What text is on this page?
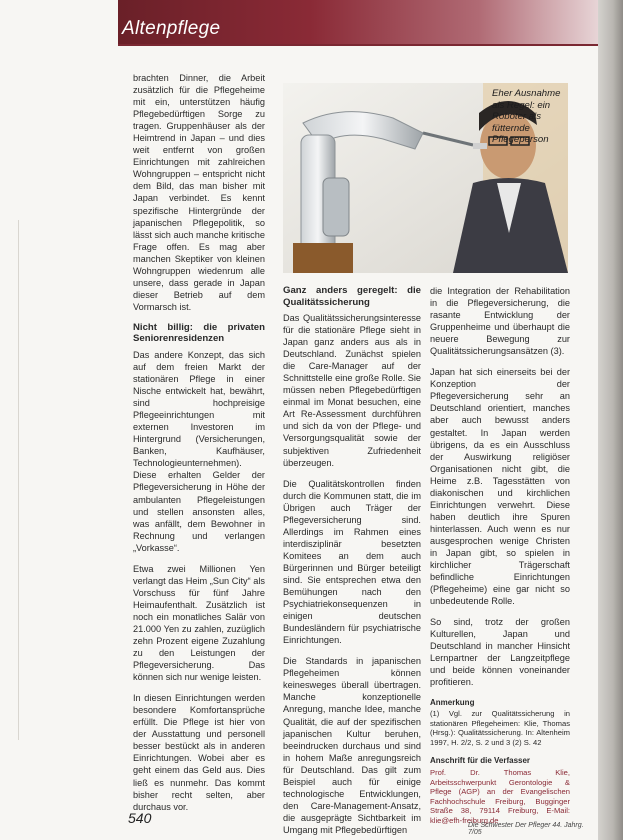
Altenpflege

brachten Dinner, die Arbeit zusätzlich für die Pflegeheime mit ein, unterstützen häufig Pflegebedürftigen Sorge zu tragen. Gruppenhäuser als der Heimtrend in Japan – und dies weit entfernt von großen Einrichtungen mit zahlreichen Wohngruppen – entspricht nicht dem Bild, das man bisher mit Japan verbindet. Es kennt spezifische Hintergründe der japanischen Pflegepolitik, so lässt sich auch manche kritische Frage offen. Es mag aber manchen Skeptiker von kleinen Wohngruppen wiedenrum alle unsere, dass gerade in Japan dieser Betrieb auf dem Vormarsch ist.

Nicht billig: die privaten Seniorenresidenzen

Das andere Konzept, das sich auf dem freien Markt der stationären Pflege in einer Nische entwickelt hat, bewährt, sind hochpreisige Pflegeeinrichtungen mit externen Investoren im Hintergrund (Versicherungen, Banken, Kaufhäuser, Technologieunternehmen). Diese erhalten Gelder der Pflegeversicherung in Höhe der ambulanten Pflegeleistungen und stellen ansonsten alles, was anfällt, dem Bewohner in Rechnung und verlangen „Vorkasse“.

Etwa zwei Millionen Yen verlangt das Heim „Sun City“ als Vorschuss für fünf Jahre Heimaufenthalt. Zusätzlich ist noch ein monatliches Salär von 21.000 Yen zu zahlen, zuzüglich zehn Prozent eigene Zuzahlung zu den Leistungen der Pflegeversicherung. Das können sich nur wenige leisten.

In diesen Einrichtungen werden besondere Komfortansprüche erfüllt. Die Pflege ist hier von der Ausstattung und personell besser bestückt als in anderen Einrichtungen. Wobei aber es geht einem das Geld aus. Dies ließ es nunmehr. Das kommt bisher recht selten, aber durchaus vor.

Eher Ausnahme als Regel: ein Roboter als fütternde Pflegeperson
Ganz anders geregelt: die Qualitätssicherung

Das Qualitätssicherungsinteresse für die stationäre Pflege sieht in Japan ganz anders aus als in Deutschland. Zunächst spielen die Care-Manager auf der Schnittstelle eine große Rolle. Sie müssen neben Pflegebedürftigen einmal im Monat besuchen, eine Art Re-Assessment durchführen und sich da von der Pflege- und Versorgungsqualität sowie der subjektiven Zufriedenheit überzeugen.

Die Qualitätskontrollen finden durch die Kommunen statt, die im Übrigen auch Träger der Pflegeversicherung sind. Allerdings im Rahmen eines interdisziplinär besetzten Komitees an dem auch Bürgerinnen und Bürger beteiligt sind. Sie entsprechen etwa den Bemühungen nach den Psychiatriekonsequenzen in einigen deutschen Bundesländern für psychiatrische Einrichtungen.

Die Standards in japanischen Pflegeheimen können keinesweges überall übertragen. Manche konzeptionelle Anregung, manche Idee, manche Qualität, die auf der spezifischen japanischen Kultur beruhen, beeindrucken durchaus und sind in hohem Maße anregungsreich für Deutschland. Das gilt zum Beispiel auch für einige technologische Entwicklungen, den Care-Management-Ansatz, die ausgeprägte Sichtbarkeit im Umgang mit Pflegebedürftigen

die Integration der Rehabilitation in die Pflegeversicherung, die rasante Entwicklung der Gruppenheime und überhaupt die neuere Bewegung zur Qualitätssicherungsansätzen (3).

Japan hat sich einerseits bei der Konzeption der Pflegeversicherung sehr an Deutschland orientiert, manches aber auch bewusst anders gestaltet. In Japan werden übrigens, da es ein Ausschluss der Auswirkung religiöser Organisationen nicht gibt, die Heime z.B. Tagesstätten von diakonischen und kirchlichen Einrichtungen verwehrt. Diese haben deutlich ihre Spuren hinterlassen. Auch wenn es nur ausgesprochen wenige Christen in Japan gibt, so spielen in kirchlicher Trägerschaft befindliche Einrichtungen (Pflegeheime) eine gar nicht so unbedeutende Rolle.

So sind, trotz der großen Kulturellen, Japan und Deutschland in mancher Hinsicht Lernpartner der Langzeitpflege und beide können voneinander profitieren.

Anmerkung

(1) Vgl. zur Qualitätssicherung in stationären Pflegeheimen: Klie, Thomas (Hrsg.): Qualitätssicherung. In: Altenheim 1997, H. 2/2, S. 2 und 3 (2) S. 42

Anschrift für die Verfasser

Prof. Dr. Thomas Klie, Arbeitsschwerpunkt Gerontologie & Pflege (AGP) an der Evangelischen Fachhochschule Freiburg, Bugginger Straße 38, 79114 Freiburg, E-Mail: klie@efh-freiburg.de

540	Die Schwester Der Pfleger 44. Jahrg. 7/05
